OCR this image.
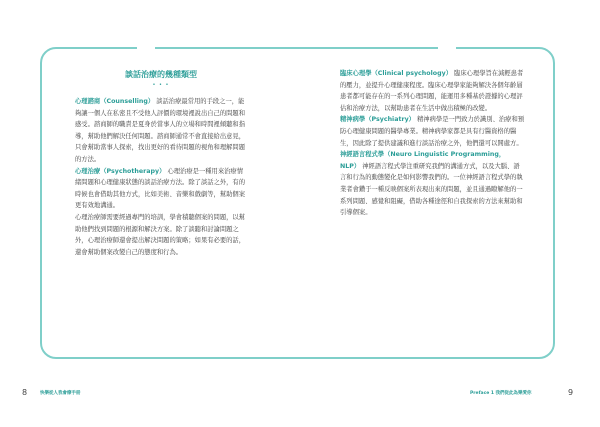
談話治療的幾種類型
• • •

心理諮商（Counselling） 談話治療最常用的手段之一，能夠讓一個人在私密且不受他人評價的環境裡說出自己的問題和感受。諮商師的職責是夏身於當事人的立場和時間裡傾聽和指導，幫助他們解決任何問題。諮商師通常不會直接給出意見，只會幫助當事人探索，找出更好的看待問題的視角和理解問題的方法。

心理治療（Psychotherapy） 心理治療是一種用來治療情緒問題和心理健康狀態的談話治療方法。除了談話之外，有的時候也會借助其他方式，比如美術、音樂和戲劇等，幫助個案更有效地溝通。

心理治療師需要經過專門的培訓，學會積聽個案的問題，以幫助他們找到問題的根源和解決方案。除了談聽和討論問題之外，心理治療師還會提出解決問題的策略；如果有必要的話，還會幫助個案改變自己的態度和行為。

臨床心理學（Clinical psychology） 臨床心理學旨在減輕患者的壓力，並提升心理健康程度。臨床心理學家能夠解決各個年齡層患者都可能存在的一系列心理問題，能運用多種基於證據的心理評估和治療方法，以幫助患者在生活中做出積極的改變。

精神病學（Psychiatry） 精神病學是一門致力於識別、治療和預防心理健康問題的醫學專業。精神病學家都是具有行醫資格的醫生，因此除了提供建議和進行談話治療之外，他們還可以開處方。

神經語言程式學（Neuro Linguistic Programming，NLP） 神經語言程式學注重研究我們的溝通方式，以及大腦、語言和行為的動態變化是如何影響我們的。一位神經語言程式學的執業者會鑽于一種反映個案所表現出來的問題，並且通過瞭解他的一系列問題、感覺和阻礙，借助各種途徑和自我探索的方法來幫助和引導個案。

8	快樂從人我會療手冊	Preface 1 我們從此為樂愛你	9
